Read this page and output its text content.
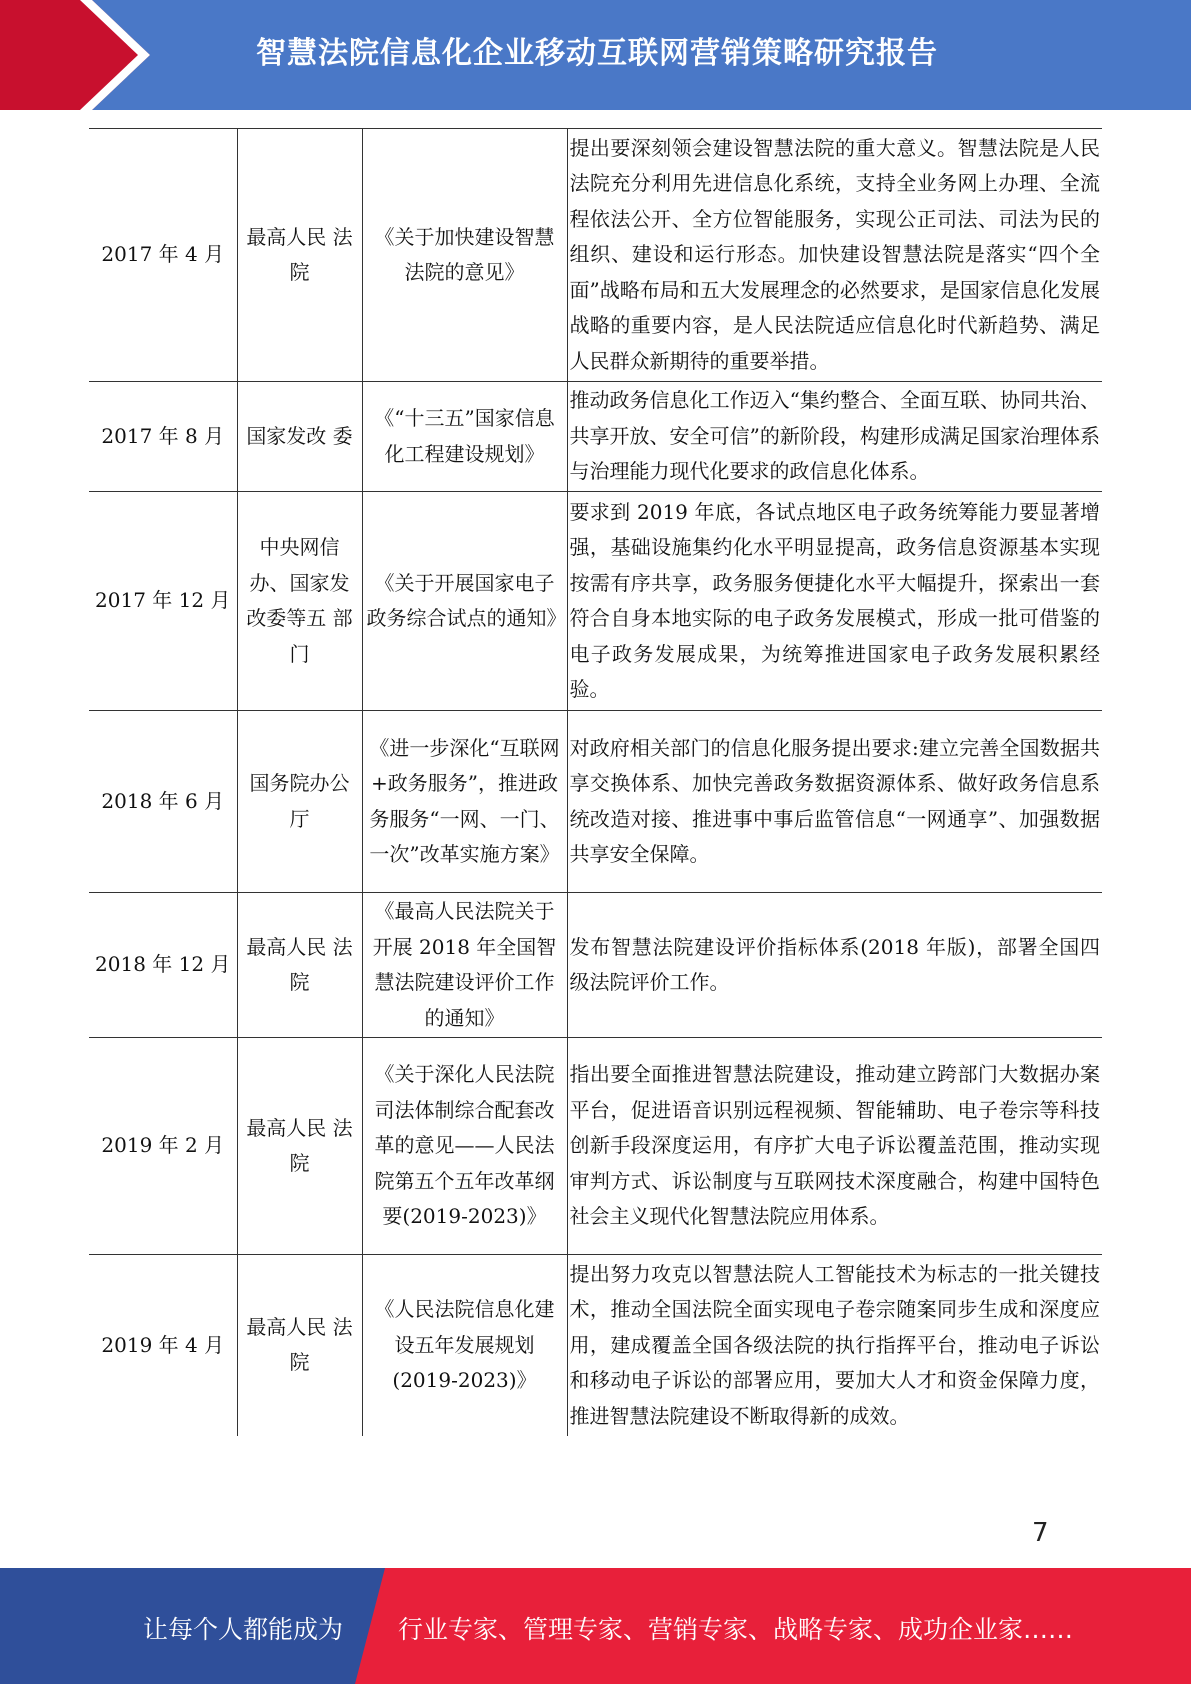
智慧法院信息化企业移动互联网营销策略研究报告
2017 年 4 月	最高人民 法院	《关于加快建设智慧法院的意见》	提出要深刻领会建设智慧法院的重大意义。智慧法院是人民法院充分利用先进信息化系统，支持全业务网上办理、全流程依法公开、全方位智能服务，实现公正司法、司法为民的组织、建设和运行形态。加快建设智慧法院是落实“四个全面”战略布局和五大发展理念的必然要求，是国家信息化发展战略的重要内容，是人民法院适应信息化时代新趋势、满足人民群众新期待的重要举措。
2017 年 8 月	国家发改 委	《“十三五”国家信息化工程建设规划》	推动政务信息化工作迈入“集约整合、全面互联、协同共治、共享开放、安全可信”的新阶段，构建形成满足国家治理体系与治理能力现代化要求的政信息化体系。
2017 年 12 月	中央网信办、国家发改委等五 部门	《关于开展国家电子政务综合试点的通知》	要求到 2019 年底，各试点地区电子政务统筹能力要显著增强，基础设施集约化水平明显提高，政务信息资源基本实现按需有序共享，政务服务便捷化水平大幅提升，探索出一套符合自身本地实际的电子政务发展模式，形成一批可借鉴的电子政务发展成果，为统筹推进国家电子政务发展积累经验。
2018 年 6 月	国务院办公厅	《进一步深化“互联网+政务服务”，推进政务服务“一网、一门、一次”改革实施方案》	对政府相关部门的信息化服务提出要求:建立完善全国数据共享交换体系、加快完善政务数据资源体系、做好政务信息系统改造对接、推进事中事后监管信息“一网通享”、加强数据共享安全保障。
2018 年 12 月	最高人民 法院	《最高人民法院关于开展 2018 年全国智慧法院建设评价工作的通知》	发布智慧法院建设评价指标体系(2018 年版)，部署全国四级法院评价工作。
2019 年 2 月	最高人民 法院	《关于深化人民法院司法体制综合配套改革的意见——人民法院第五个五年改革纲要(2019-2023)》	指出要全面推进智慧法院建设，推动建立跨部门大数据办案平台，促进语音识别远程视频、智能辅助、电子卷宗等科技创新手段深度运用，有序扩大电子诉讼覆盖范围，推动实现审判方式、诉讼制度与互联网技术深度融合，构建中国特色社会主义现代化智慧法院应用体系。
2019 年 4 月	最高人民 法院	《人民法院信息化建设五年发展规划(2019-2023)》	提出努力攻克以智慧法院人工智能技术为标志的一批关键技术，推动全国法院全面实现电子卷宗随案同步生成和深度应用，建成覆盖全国各级法院的执行指挥平台，推动电子诉讼和移动电子诉讼的部署应用，要加大人才和资金保障力度，推进智慧法院建设不断取得新的成效。
7
让每个人都能成为 行业专家、管理专家、营销专家、战略专家、成功企业家……
